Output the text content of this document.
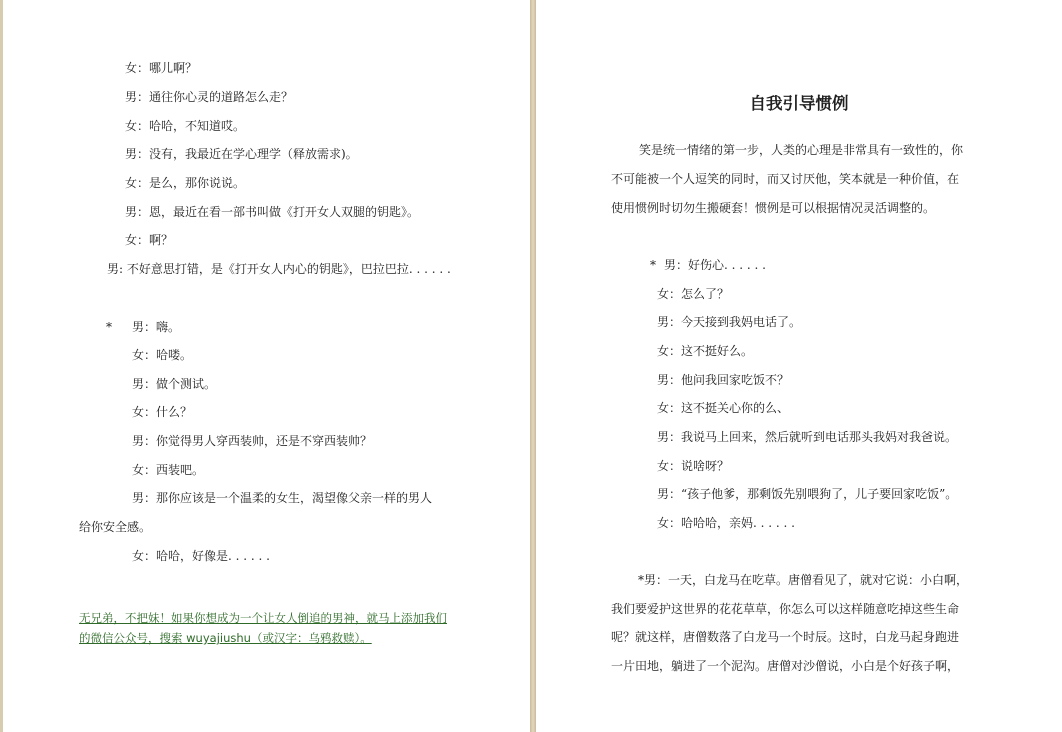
女：哪儿啊？
男：通往你心灵的道路怎么走？
女：哈哈，不知道哎。
男：没有，我最近在学心理学（释放需求)。
女：是么，那你说说。
男：恩，最近在看一部书叫做《打开女人双腿的钥匙》。
女：啊？
男: 不好意思打错，是《打开女人内心的钥匙》，巴拉巴拉. . . . . .
* 男：嗨。
女：哈喽。
男：做个测试。
女：什么？
男：你觉得男人穿西装帅，还是不穿西装帅？
女：西装吧。
男：那你应该是一个温柔的女生，渴望像父亲一样的男人
给你安全感。
女：哈哈，好像是. . . . . .
无兄弟，不把妹！如果你想成为一个让女人倒追的男神，就马上添加我们
的微信公众号，搜索 wuyajiushu（或汉字：乌鸦救赎）。
自我引导惯例
笑是统一情绪的第一步，人类的心理是非常具有一致性的，你
不可能被一个人逗笑的同时，而又讨厌他，笑本就是一种价值，在
使用惯例时切勿生搬硬套！惯例是可以根据情况灵活调整的。
* 男：好伤心. . . . . .
女：怎么了？
男：今天接到我妈电话了。
女：这不挺好么。
男：他问我回家吃饭不？
女：这不挺关心你的么、
男：我说马上回来，然后就听到电话那头我妈对我爸说。
女：说啥呀？
男：“孩子他爹，那剩饭先别喂狗了，儿子要回家吃饭”。
女：哈哈哈，亲妈. . . . . .
*男：一天，白龙马在吃草。唐僧看见了，就对它说：小白啊，
我们要爱护这世界的花花草草，你怎么可以这样随意吃掉这些生命
呢？就这样，唐僧数落了白龙马一个时辰。这时，白龙马起身跑进
一片田地，躺进了一个泥沟。唐僧对沙僧说，小白是个好孩子啊，
